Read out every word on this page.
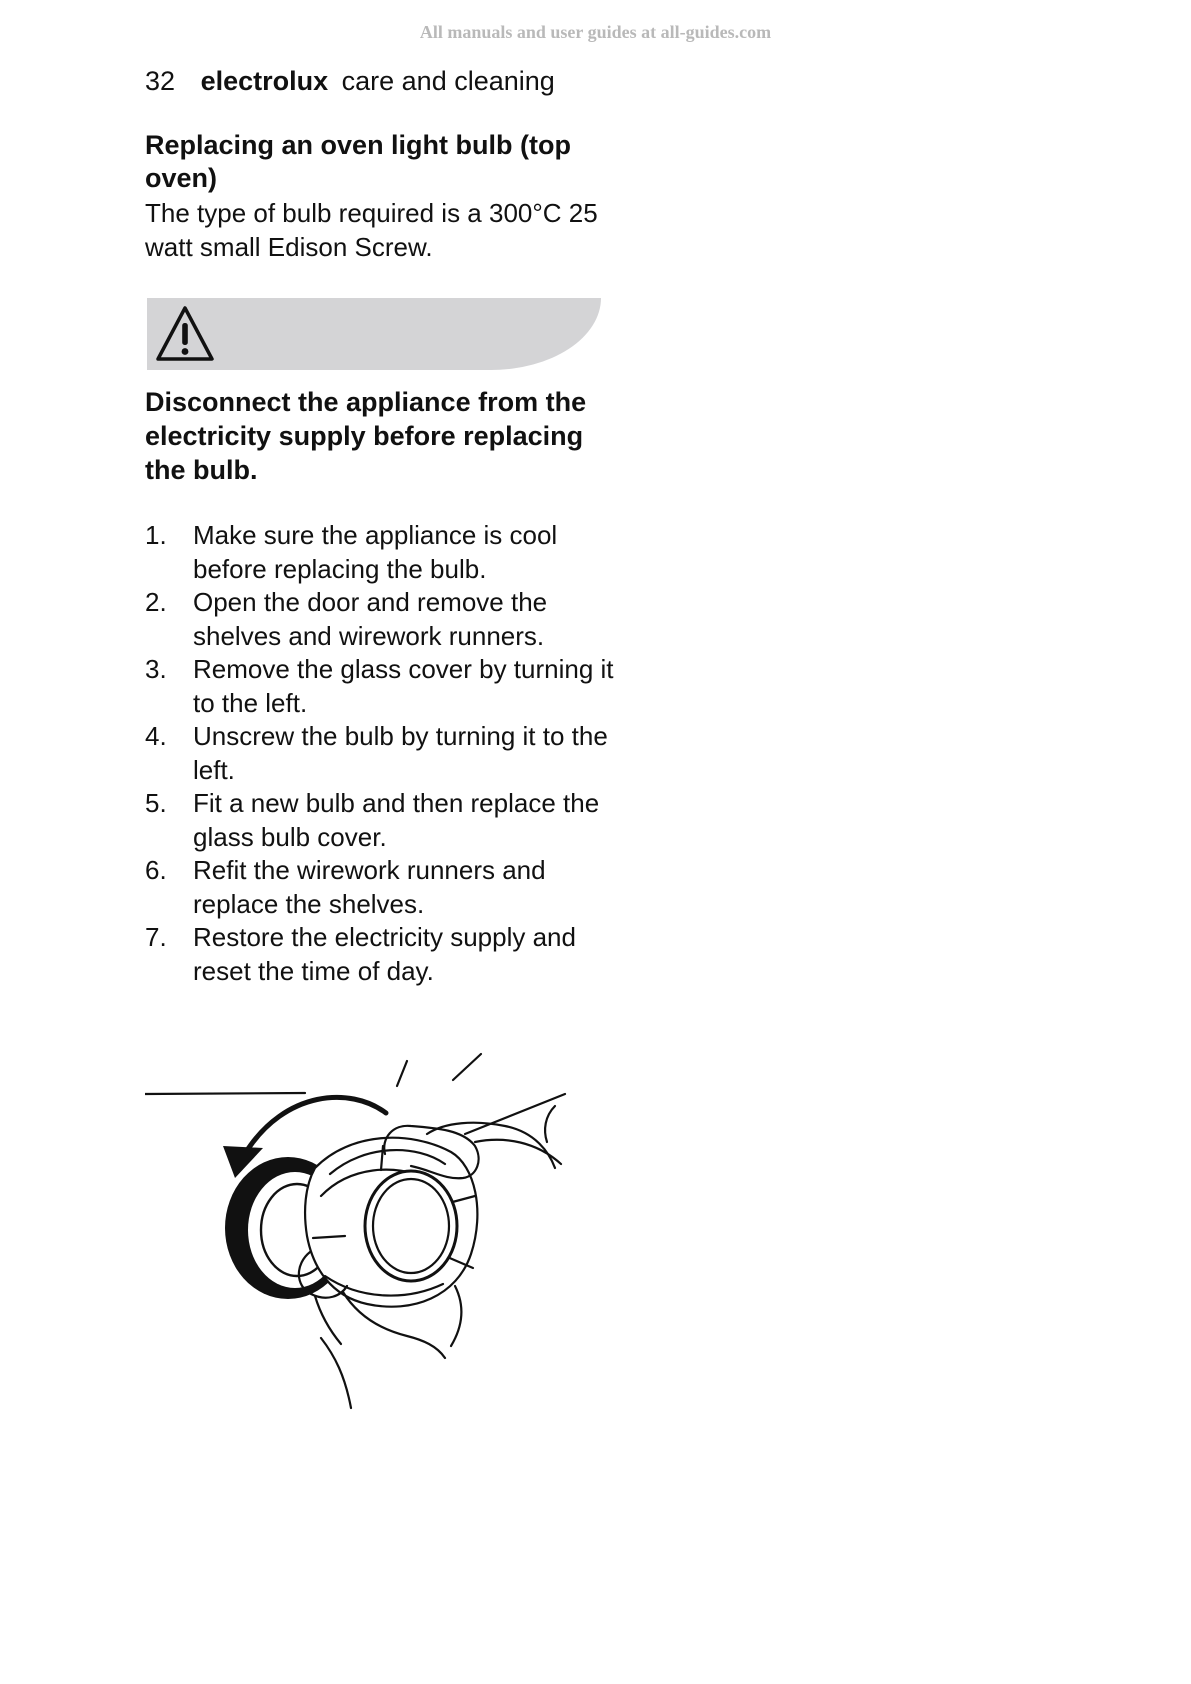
All manuals and user guides at all-guides.com
32 electrolux care and cleaning
Replacing an oven light bulb (top oven)
The type of bulb required is a 300°C 25 watt small Edison Screw.
Disconnect the appliance from the electricity supply before replacing the bulb.
1. Make sure the appliance is cool before replacing the bulb.
2. Open the door and remove the shelves and wirework runners.
3. Remove the glass cover by turning it to the left.
4. Unscrew the bulb by turning it to the left.
5. Fit a new bulb and then replace the glass bulb cover.
6. Refit the wirework runners and replace the shelves.
7. Restore the electricity supply and reset the time of day.
